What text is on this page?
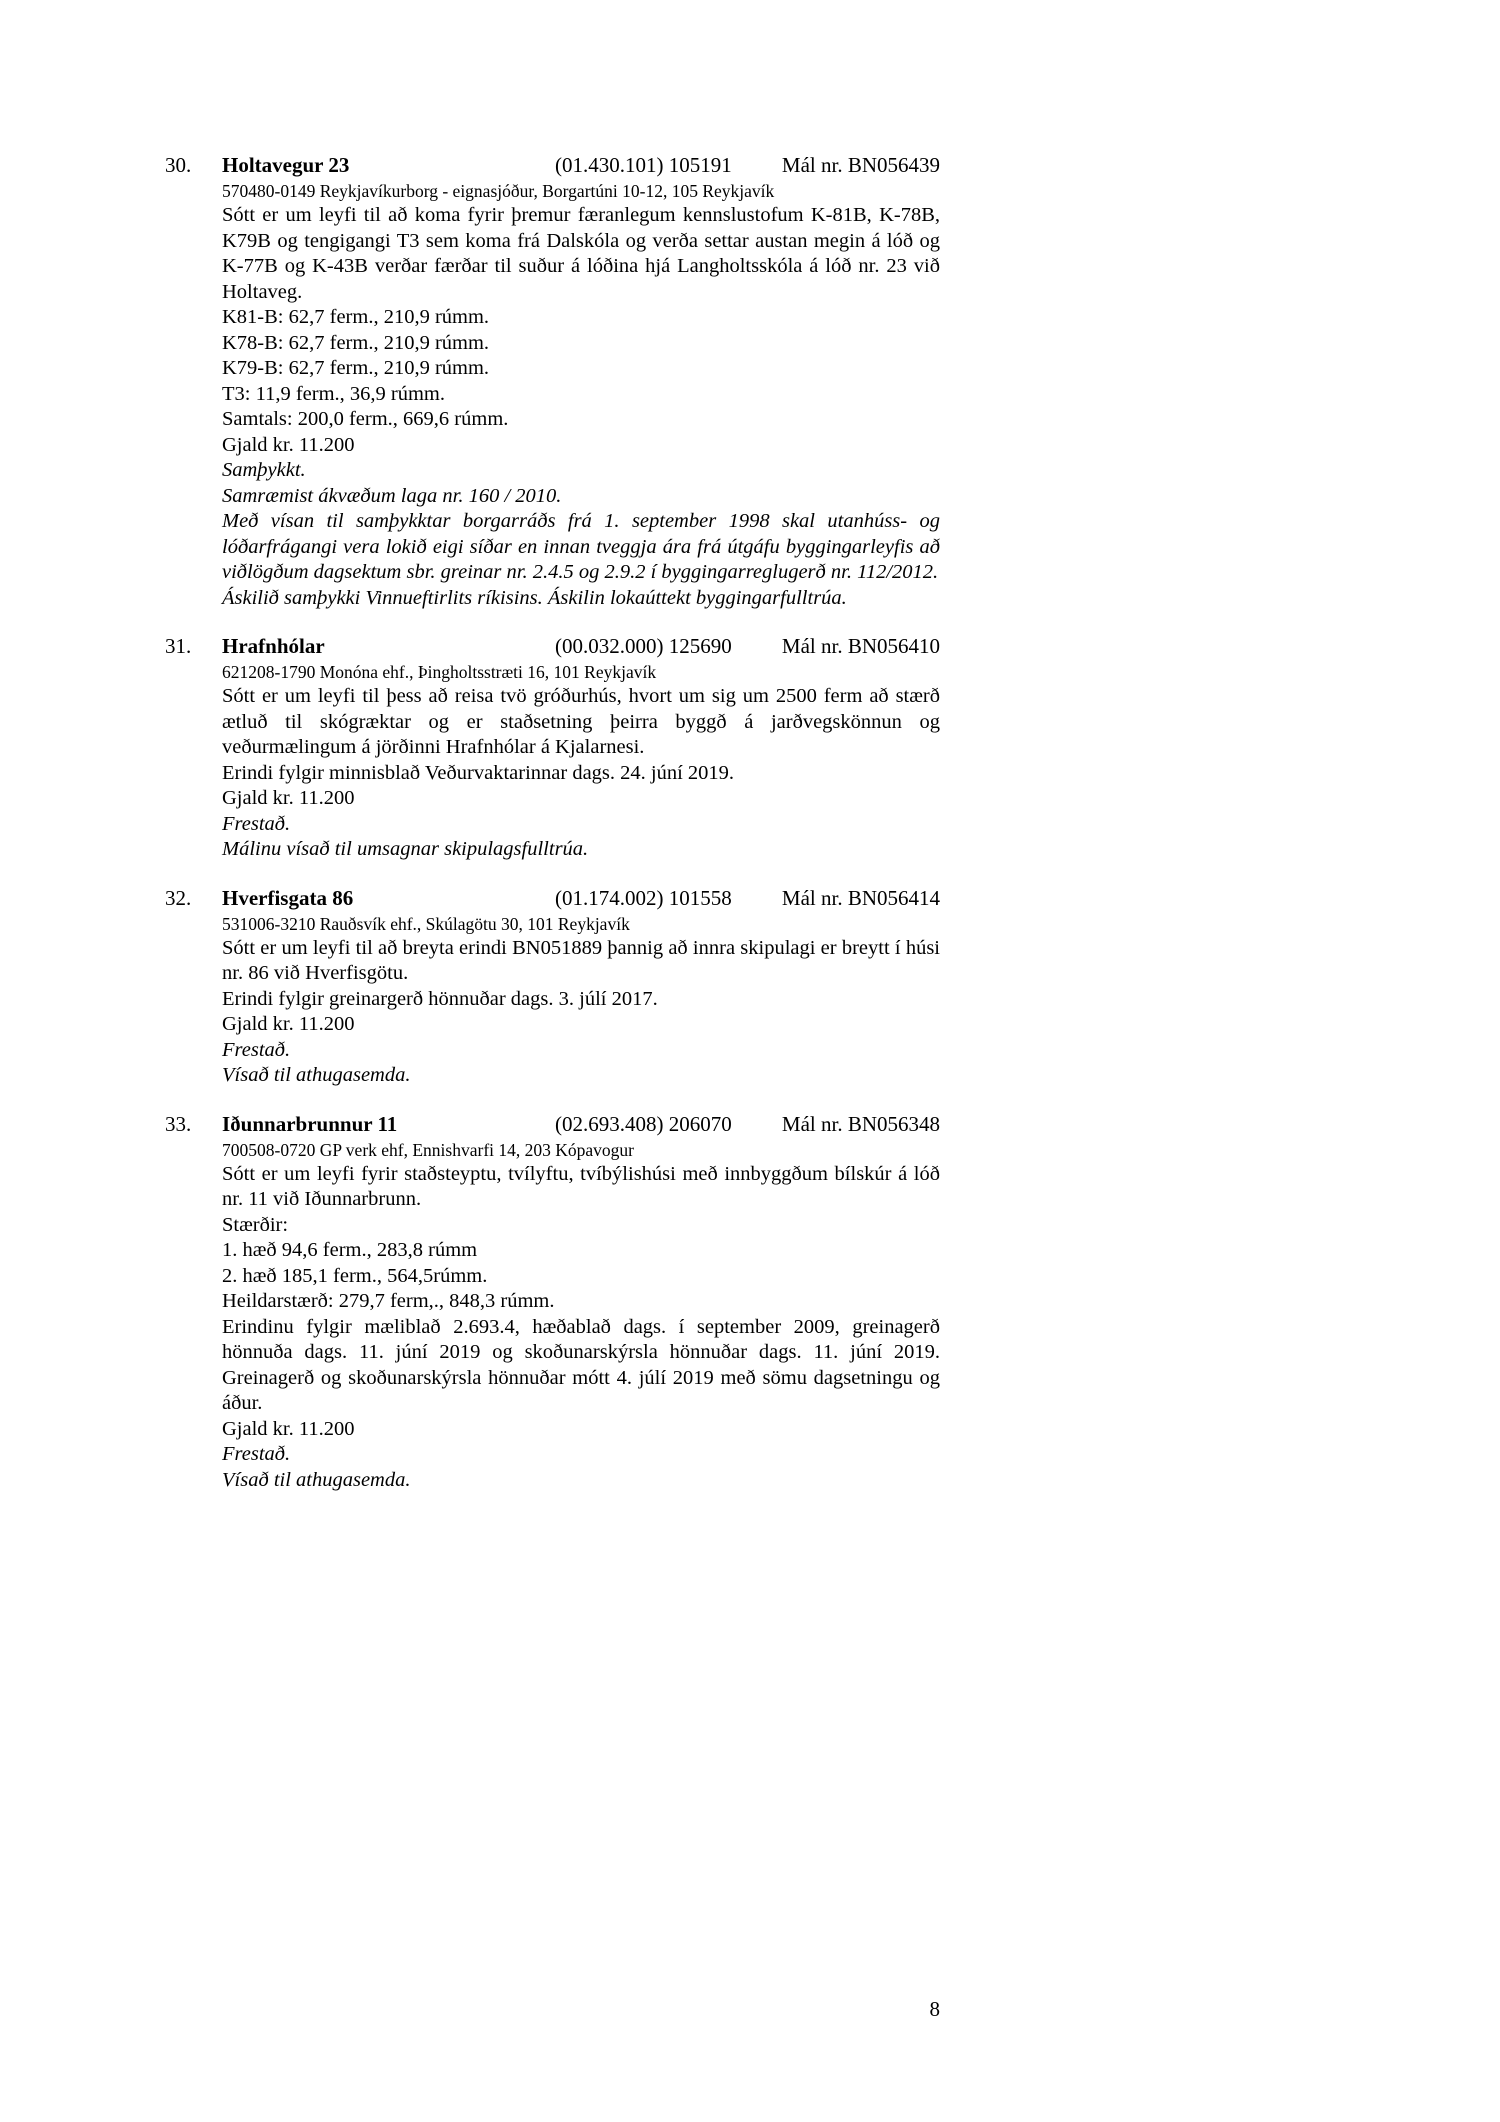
30.	Holtavegur 23	(01.430.101) 105191	Mál nr. BN056439
570480-0149 Reykjavíkurborg - eignasjóður, Borgartúni 10-12, 105 Reykjavík
Sótt er um leyfi til að koma fyrir þremur færanlegum kennslustofum K-81B, K-78B, K79B og tengigangi T3 sem koma frá Dalskóla og verða settar austan megin á lóð og K-77B og K-43B verðar færðar til suður á lóðina hjá Langholtsskóla á lóð nr. 23 við Holtaveg.
K81-B: 62,7 ferm., 210,9 rúmm.
K78-B: 62,7 ferm., 210,9 rúmm.
K79-B: 62,7 ferm., 210,9 rúmm.
T3: 11,9 ferm., 36,9 rúmm.
Samtals: 200,0 ferm., 669,6 rúmm.
Gjald kr. 11.200
Samþykkt.
Samræmist ákvæðum laga nr. 160 / 2010.
Með vísan til samþykktar borgarráðs frá 1. september 1998 skal utanhúss- og lóðarfrágangi vera lokið eigi síðar en innan tveggja ára frá útgáfu byggingarleyfis að viðlögðum dagsektum sbr. greinar nr. 2.4.5 og 2.9.2 í byggingarreglugerð nr. 112/2012.
Áskilið samþykki Vinnueftirlits ríkisins. Áskilin lokaúttekt byggingarfulltrúa.
31.	Hrafnhólar	(00.032.000) 125690	Mál nr. BN056410
621208-1790 Monóna ehf., Þingholtsstræti 16, 101 Reykjavík
Sótt er um leyfi til þess að reisa tvö gróðurhús, hvort um sig um 2500 ferm að stærð ætluð til skógræktar og er staðsetning þeirra byggð á jarðvegskönnun og veðurmælingum á jörðinni Hrafnhólar á Kjalarnesi.
Erindi fylgir minnisblað Veðurvaktarinnar dags. 24. júní 2019.
Gjald kr. 11.200
Frestað.
Málinu vísað til umsagnar skipulagsfulltrúa.
32.	Hverfisgata 86	(01.174.002) 101558	Mál nr. BN056414
531006-3210 Rauðsvík ehf., Skúlagötu 30, 101 Reykjavík
Sótt er um leyfi til að breyta erindi BN051889 þannig að innra skipulagi er breytt í húsi nr. 86 við Hverfisgötu.
Erindi fylgir greinargerð hönnuðar dags. 3. júlí 2017.
Gjald kr. 11.200
Frestað.
Vísað til athugasemda.
33.	Iðunnarbrunnur 11	(02.693.408) 206070	Mál nr. BN056348
700508-0720 GP verk ehf, Ennishvarfi 14, 203 Kópavogur
Sótt er um leyfi fyrir staðsteyptu, tvílyftu, tvíbýlishúsi með innbyggðum bílskúr á lóð nr. 11 við Iðunnarbrunn.
Stærðir:
1. hæð 94,6 ferm., 283,8 rúmm
2. hæð 185,1 ferm., 564,5rúmm.
Heildarstærð: 279,7 ferm,., 848,3 rúmm.
Erindinu fylgir mæliblað 2.693.4, hæðablað dags. í september 2009, greinagerð hönnuða dags. 11. júní 2019 og skoðunarskýrsla hönnuðar dags. 11. júní 2019. Greinagerð og skoðunarskýrsla hönnuðar mótt 4. júlí 2019 með sömu dagsetningu og áður.
Gjald kr. 11.200
Frestað.
Vísað til athugasemda.
8
